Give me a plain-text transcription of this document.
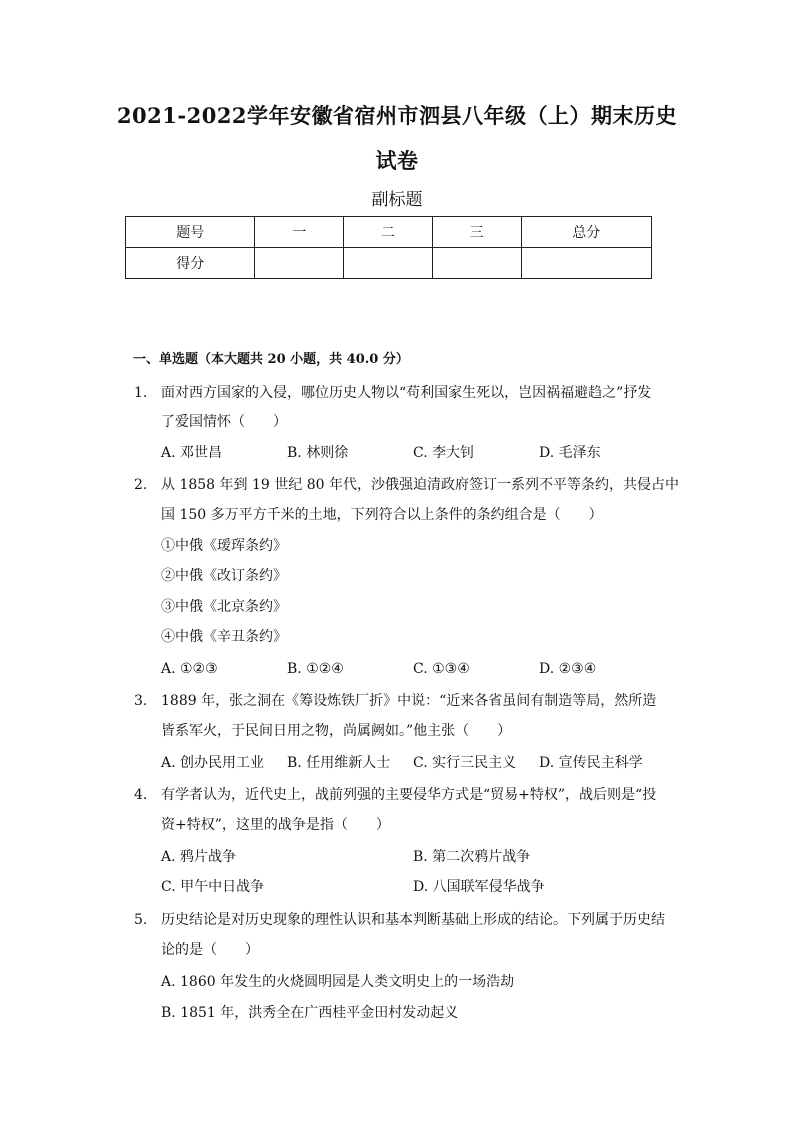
2021-2022学年安徽省宿州市泗县八年级（上）期末历史
试卷
副标题
题号	一	二	三	总分
得分				
一、单选题（本大题共 20 小题，共 40.0 分）
1. 面对西方国家的入侵，哪位历史人物以“苟利国家生死以，岂因祸福避趋之”抒发
了爱国情怀（　　）
A. 邓世昌	B. 林则徐	C. 李大钊	D. 毛泽东
2. 从 1858 年到 19 世纪 80 年代，沙俄强迫清政府签订一系列不平等条约，共侵占中
国 150 多万平方千米的土地，下列符合以上条件的条约组合是（　　）
①中俄《瑷珲条约》
②中俄《改订条约》
③中俄《北京条约》
④中俄《辛丑条约》
A. ①②③	B. ①②④	C. ①③④	D. ②③④
3. 1889 年，张之洞在《筹设炼铁厂折》中说：“近来各省虽间有制造等局，然所造
皆系军火，于民间日用之物，尚属阙如。”他主张（　　）
A. 创办民用工业 B. 任用维新人士 C. 实行三民主义 D. 宣传民主科学
4. 有学者认为，近代史上，战前列强的主要侵华方式是“贸易+特权”，战后则是“投
资+特权”，这里的战争是指（　　）
A. 鸦片战争	B. 第二次鸦片战争
C. 甲午中日战争	D. 八国联军侵华战争
5. 历史结论是对历史现象的理性认识和基本判断基础上形成的结论。下列属于历史结
论的是（　　）
A. 1860 年发生的火烧圆明园是人类文明史上的一场浩劫
B. 1851 年，洪秀全在广西桂平金田村发动起义
